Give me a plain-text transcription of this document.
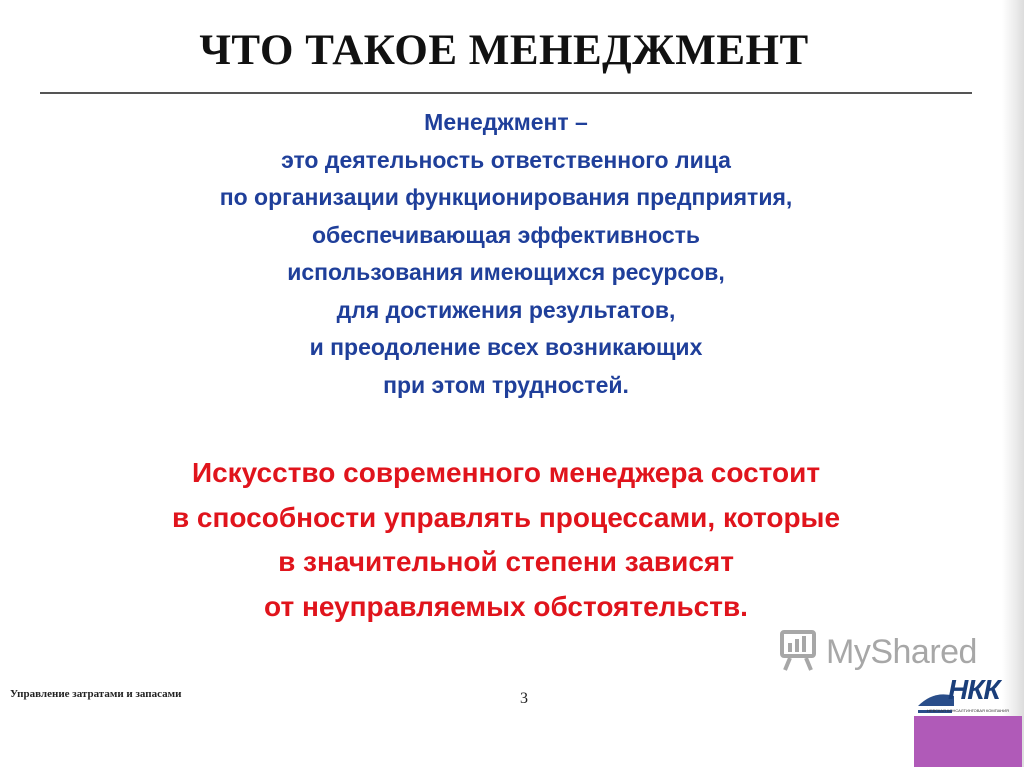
ЧТО ТАКОЕ МЕНЕДЖМЕНТ
Менеджмент –
это деятельность ответственного лица
по организации функционирования предприятия,
обеспечивающая эффективность
использования имеющихся ресурсов,
для достижения результатов,
и преодоление всех возникающих
при этом трудностей.
Искусство современного менеджера состоит
в способности управлять процессами, которые
в значительной степени зависят
от неуправляемых обстоятельств.
MyShared
Управление затратами и запасами	3
НЕВСКАЯ КОНСАЛТИНГОВАЯ КОМПАНИЯ
НКК
